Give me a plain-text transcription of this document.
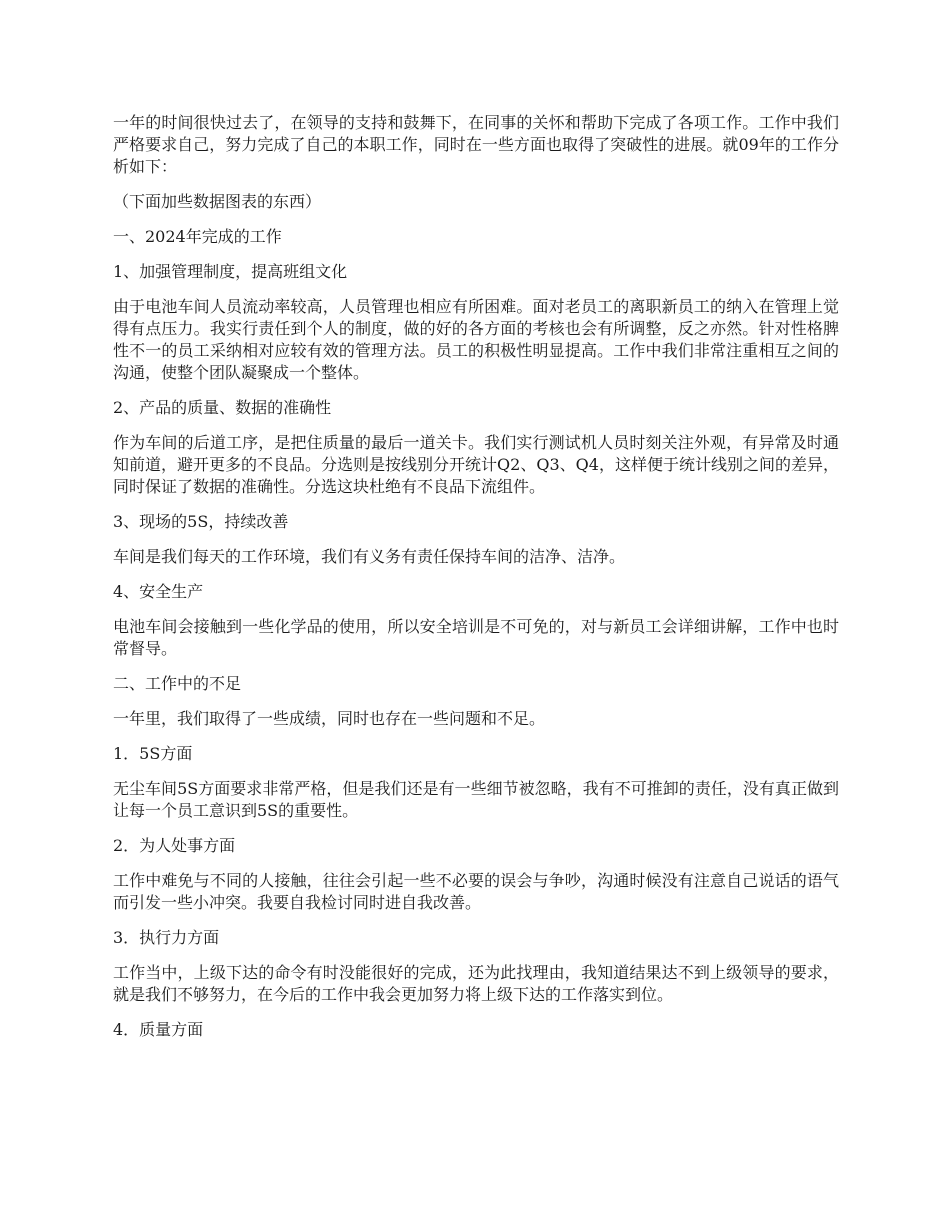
一年的时间很快过去了，在领导的支持和鼓舞下，在同事的关怀和帮助下完成了各项工作。工作中我们严格要求自己，努力完成了自己的本职工作，同时在一些方面也取得了突破性的进展。就09年的工作分析如下：

（下面加些数据图表的东西）

一、2024年完成的工作

1、加强管理制度，提高班组文化

由于电池车间人员流动率较高，人员管理也相应有所困难。面对老员工的离职新员工的纳入在管理上觉得有点压力。我实行责任到个人的制度，做的好的各方面的考核也会有所调整，反之亦然。针对性格脾性不一的员工采纳相对应较有效的管理方法。员工的积极性明显提高。工作中我们非常注重相互之间的沟通，使整个团队凝聚成一个整体。

2、产品的质量、数据的准确性

作为车间的后道工序，是把住质量的最后一道关卡。我们实行测试机人员时刻关注外观，有异常及时通知前道，避开更多的不良品。分选则是按线别分开统计Q2、Q3、Q4，这样便于统计线别之间的差异，同时保证了数据的准确性。分选这块杜绝有不良品下流组件。

3、现场的5S，持续改善

车间是我们每天的工作环境，我们有义务有责任保持车间的洁净、洁净。

4、安全生产

电池车间会接触到一些化学品的使用，所以安全培训是不可免的，对与新员工会详细讲解，工作中也时常督导。

二、工作中的不足

一年里，我们取得了一些成绩，同时也存在一些问题和不足。

1．5S方面

无尘车间5S方面要求非常严格，但是我们还是有一些细节被忽略，我有不可推卸的责任，没有真正做到让每一个员工意识到5S的重要性。

2．为人处事方面

工作中难免与不同的人接触，往往会引起一些不必要的误会与争吵，沟通时候没有注意自己说话的语气而引发一些小冲突。我要自我检讨同时进自我改善。

3．执行力方面

工作当中，上级下达的命令有时没能很好的完成，还为此找理由，我知道结果达不到上级领导的要求，就是我们不够努力，在今后的工作中我会更加努力将上级下达的工作落实到位。

4．质量方面
